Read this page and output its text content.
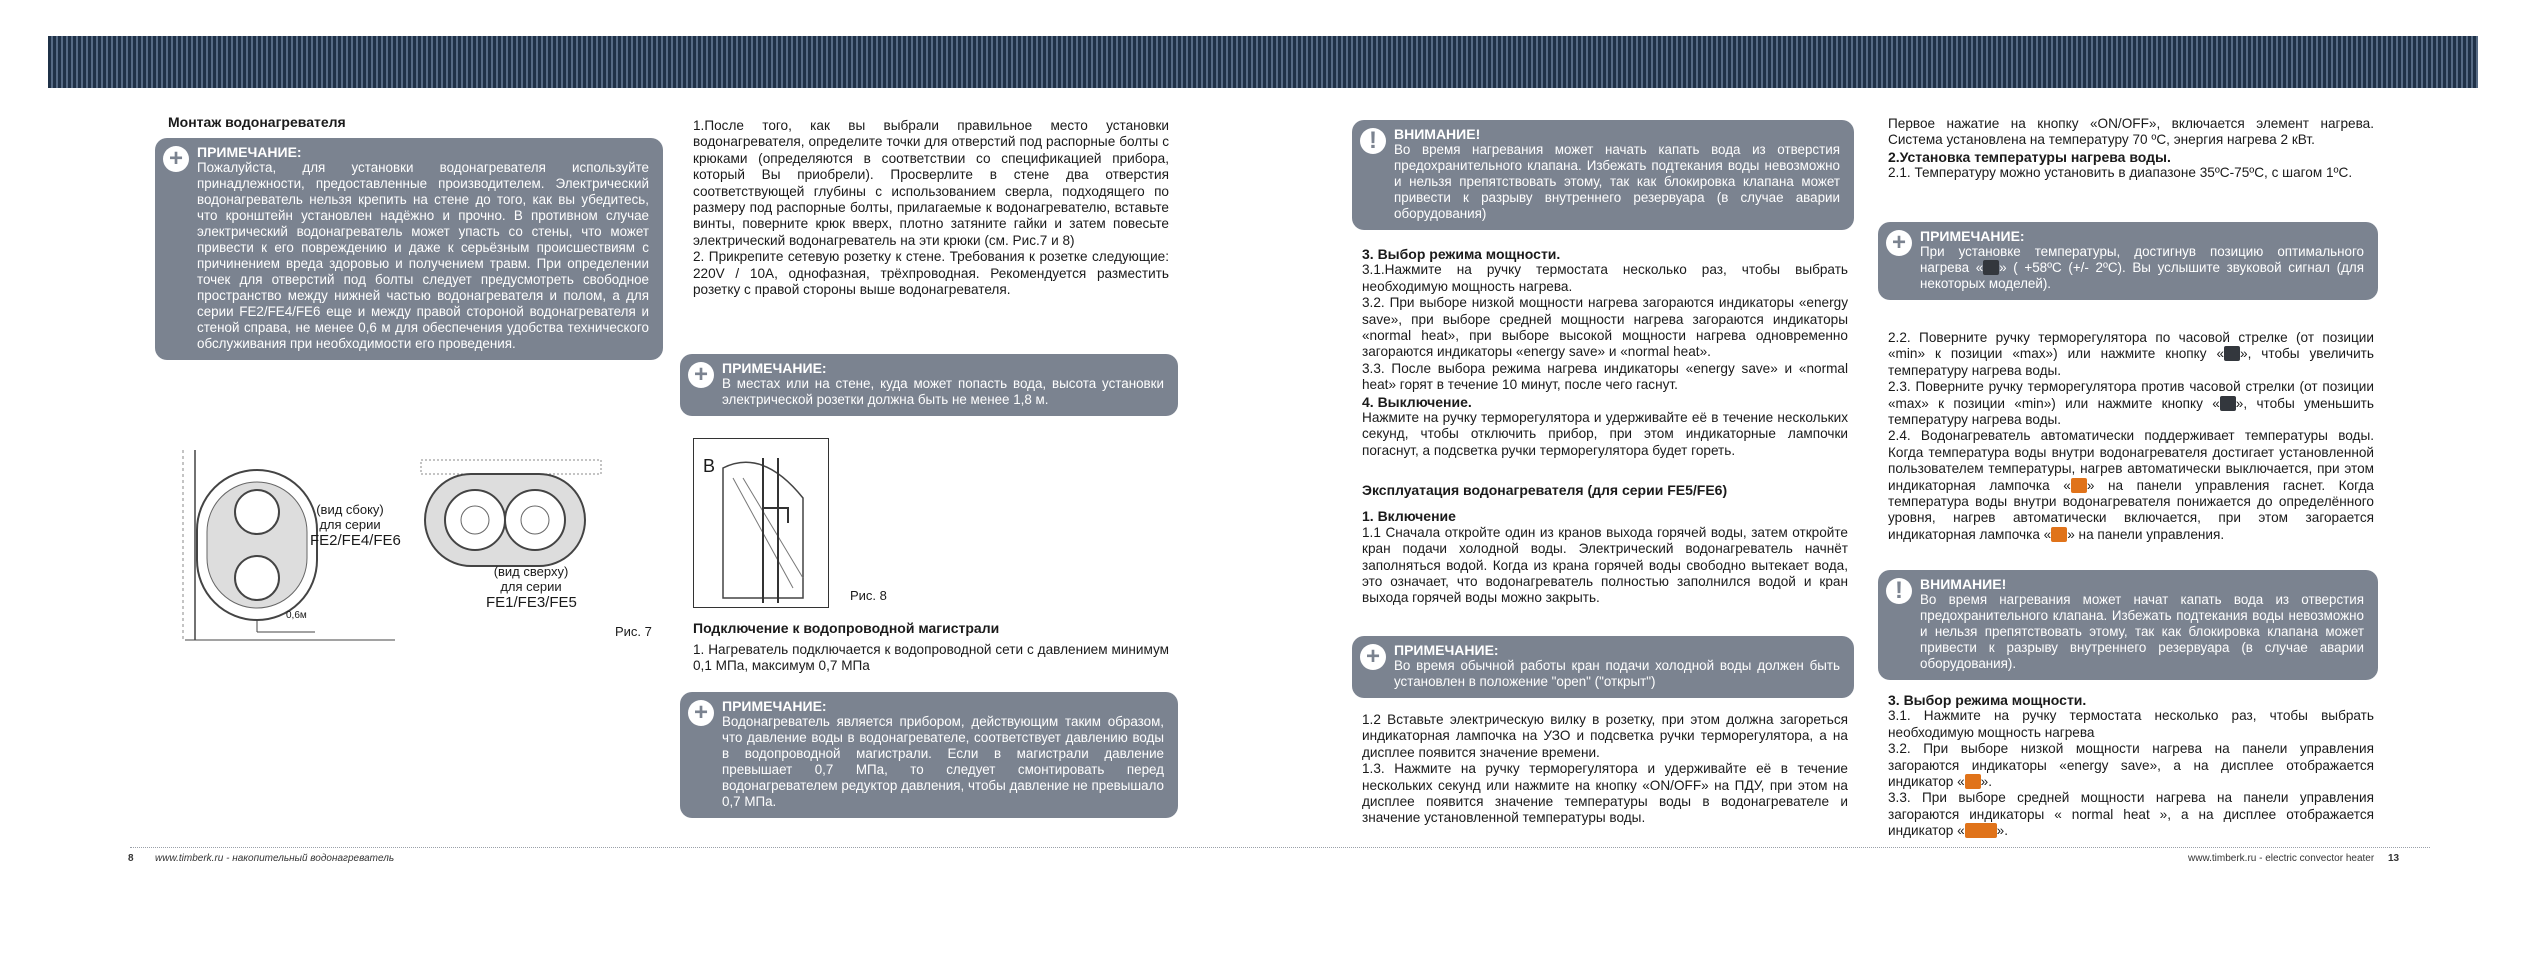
Монтаж водонагревателя

+	ПРИМЕЧАНИЕ:
Пожалуйста, для установки водонагревателя используйте принадлежности, предоставленные производителем. Электрический водонагреватель нельзя крепить на стене до того, как вы убедитесь, что кронштейн установлен надёжно и прочно. В противном случае электрический водонагреватель может упасть со стены, что может привести к его повреждению и даже к серьёзным происшествиям с причинением вреда здоровью и получением травм. При определении точек для отверстий под болты следует предусмотреть свободное пространство между нижней частью водонагревателя и полом, а для серии FE2/FE4/FE6 еще и между правой стороной водонагревателя и стеной справа, не менее 0,6 м для обеспечения удобства технического обслуживания при необходимости его проведения.
(вид сбоку)
для серии
FE2/FE4/FE6
(вид сверху)
для серии
FE1/FE3/FE5
0,6м
Рис. 7

1.После того, как вы выбрали правильное место установки водонагревателя, определите точки для отверстий под распорные болты с крюками (определяются в соответствии со спецификацией прибора, который Вы приобрели). Просверлите в стене два отверстия соответствующей глубины с использованием сверла, подходящего по размеру под распорные болты, прилагаемые к водонагревателю, вставьте винты, поверните крюк вверх, плотно затяните гайки и затем повесьте электрический водонагреватель на эти крюки (см. Рис.7 и 8)

2. Прикрепите сетевую розетку к стене. Требования к розетке следующие: 220V / 10A, однофазная, трёхпроводная. Рекомендуется разместить розетку с правой стороны выше водонагревателя.

+	ПРИМЕЧАНИЕ:
В местах или на стене, куда может попасть вода, высота установки электрической розетки должна быть не менее 1,8 м.
B
Рис. 8

Подключение к водопроводной магистрали

1. Нагреватель подключается к водопроводной сети с давлением минимум 0,1 МПа, максимум 0,7 МПа
+	ПРИМЕЧАНИЕ:
Водонагреватель является прибором, действующим таким образом, что давление воды в водонагревателе, соответствует давлению воды в водопроводной магистрали. Если в магистрали давление превышает 0,7 МПа, то следует смонтировать перед водонагревателем редуктор давления, чтобы давление не превышало 0,7 МПа.
!	ВНИМАНИЕ!
Во время нагревания может начать капать вода из отверстия предохранительного клапана. Избежать подтекания воды невозможно и нельзя препятствовать этому, так как блокировка клапана может привести к разрыву внутреннего резервуара (в случае аварии оборудования)

3. Выбор режима мощности.

3.1.Нажмите на ручку термостата несколько раз, чтобы выбрать необходимую мощность нагрева.

3.2. При выборе низкой мощности нагрева загораются индикаторы «energy save», при выборе средней мощности нагрева загораются индикаторы «normal heat», при выборе высокой мощности нагрева одновременно загораются индикаторы «energy save» и «normal heat».

3.3. После выбора режима нагрева индикаторы «energy save» и «normal heat» горят в течение 10 минут, после чего гаснут.

4. Выключение.

Нажмите на ручку терморегулятора и удерживайте её в течение нескольких секунд, чтобы отключить прибор, при этом индикаторные лампочки погаснут, а подсветка ручки терморегулятора будет гореть.

Эксплуатация водонагревателя (для серии FE5/FE6)

1. Включение

1.1 Сначала откройте один из кранов выхода горячей воды, затем откройте кран подачи холодной воды. Электрический водонагреватель начнёт заполняться водой. Когда из крана горячей воды свободно вытекает вода, это означает, что водонагреватель полностью заполнился водой и кран выхода горячей воды можно закрыть.

+	ПРИМЕЧАНИЕ:
Во время обычной работы кран подачи холодной воды должен быть установлен в положение "open" ("открыт")

1.2 Вставьте электрическую вилку в розетку, при этом должна загореться индикаторная лампочка на УЗО и подсветка ручки терморегулятора, а на дисплее появится значение времени.

1.3. Нажмите на ручку терморегулятора и удерживайте её в течение нескольких секунд или нажмите на кнопку «ON/OFF» на ПДУ, при этом на дисплее появится значение температуры воды в водонагревателе и значение установленной температуры воды.

Первое нажатие на кнопку «ON/OFF», включается элемент нагрева. Система установлена на температуру 70 ºC, энергия нагрева 2 кВт.

2.Установка температуры нагрева воды.

2.1. Температуру можно установить в диапазоне 35ºC-75ºC, с шагом 1ºC.

+	ПРИМЕЧАНИЕ:
При установке температуры, достигнув позицию оптимального нагрева « » ( +58ºC (+/- 2ºC). Вы услышите звуковой сигнал (для некоторых моделей).

2.2. Поверните ручку терморегулятора по часовой стрелке (от позиции «min» к позиции «max») или нажмите кнопку « », чтобы увеличить температуру нагрева воды.

2.3. Поверните ручку терморегулятора против часовой стрелки (от позиции «max» к позиции «min») или нажмите кнопку « », чтобы уменьшить температуру нагрева воды.

2.4. Водонагреватель автоматически поддерживает температуры воды. Когда температура воды внутри водонагревателя достигает установленной пользователем температуры, нагрев автоматически выключается, при этом индикаторная лампочка « » на панели управления гаснет. Когда температура воды внутри водонагревателя понижается до определённого уровня, нагрев автоматически включается, при этом загорается индикаторная лампочка « » на панели управления.

!	ВНИМАНИЕ!
Во время нагревания может начат капать вода из отверстия предохранительного клапана. Избежать подтекания воды невозможно и нельзя препятствовать этому, так как блокировка клапана может привести к разрыву внутреннего резервуара (в случае аварии оборудования).

3. Выбор режима мощности.

3.1. Нажмите на ручку термостата несколько раз, чтобы выбрать необходимую мощность нагрева

3.2. При выборе низкой мощности нагрева на панели управления загораются индикаторы «energy save», а на дисплее отображается индикатор « ».

3.3. При выборе средней мощности нагрева на панели управления загораются индикаторы « normal heat », а на дисплее отображается индикатор « ».

8 www.timberk.ru - накопительный водонагреватель	www.timberk.ru - electric convector heater 13
